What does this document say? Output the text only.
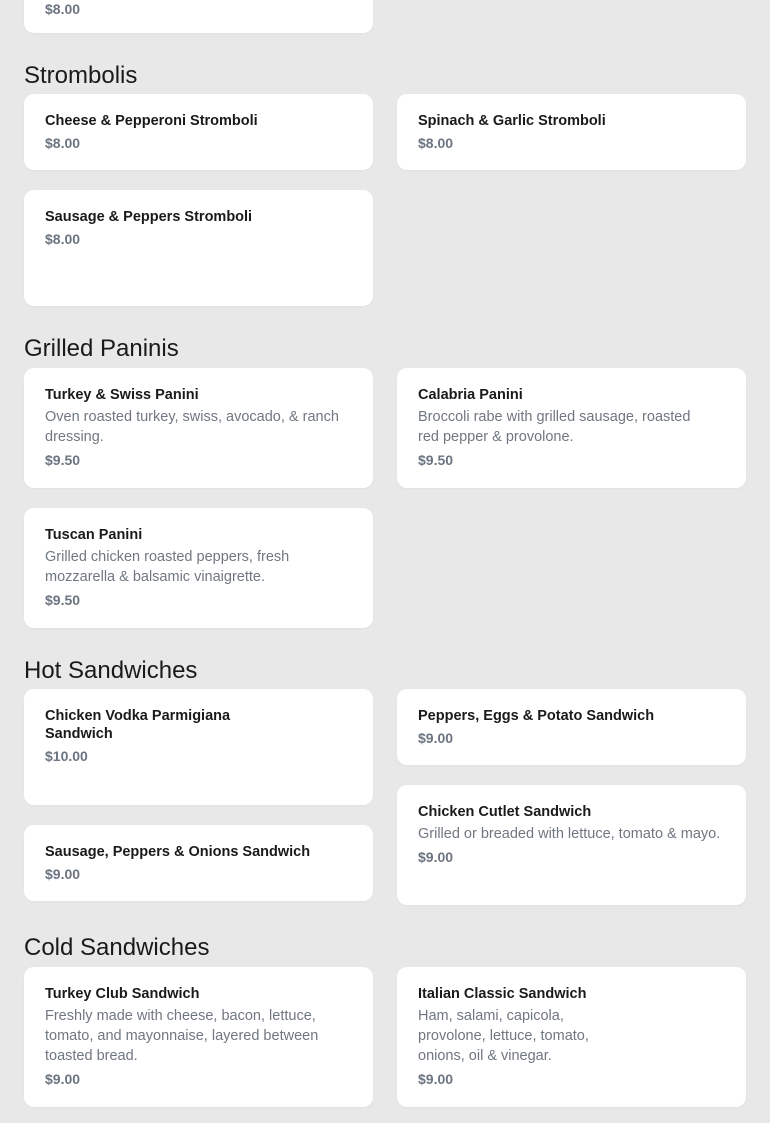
$8.00
Strombolis
Cheese & Pepperoni Stromboli
$8.00
Spinach & Garlic Stromboli
$8.00
Sausage & Peppers Stromboli
$8.00
Grilled Paninis
Turkey & Swiss Panini
Oven roasted turkey, swiss, avocado, & ranch dressing.
$9.50
Calabria Panini
Broccoli rabe with grilled sausage, roasted red pepper & provolone.
$9.50
Tuscan Panini
Grilled chicken roasted peppers, fresh mozzarella & balsamic vinaigrette.
$9.50
Hot Sandwiches
Chicken Vodka Parmigiana Sandwich
$10.00
Peppers, Eggs & Potato Sandwich
$9.00
Chicken Cutlet Sandwich
Grilled or breaded with lettuce, tomato & mayo.
$9.00
Sausage, Peppers & Onions Sandwich
$9.00
Cold Sandwiches
Turkey Club Sandwich
Freshly made with cheese, bacon, lettuce, tomato, and mayonnaise, layered between toasted bread.
$9.00
Italian Classic Sandwich
Ham, salami, capicola, provolone, lettuce, tomato, onions, oil & vinegar.
$9.00
